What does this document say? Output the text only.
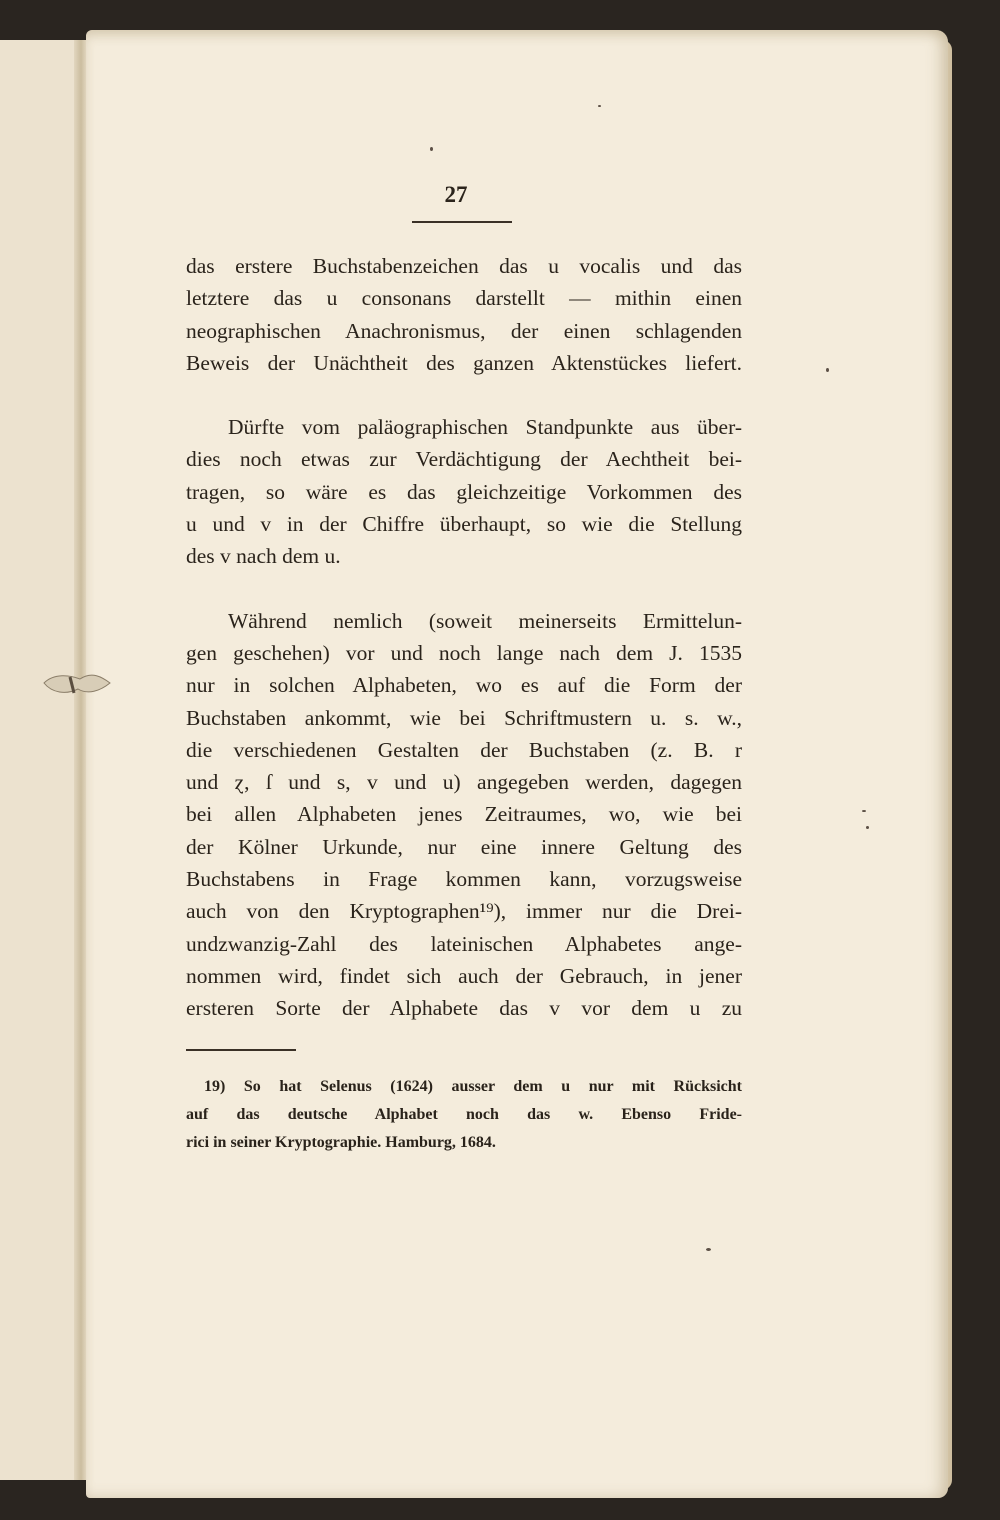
27
das erstere Buchstabenzeichen das u vocalis und das
letztere das u consonans darstellt — mithin einen
neographischen Anachronismus, der einen schlagenden
Beweis der Unächtheit des ganzen Aktenstückes liefert.
Dürfte vom paläographischen Standpunkte aus über-
dies noch etwas zur Verdächtigung der Aechtheit bei-
tragen, so wäre es das gleichzeitige Vorkommen des
u und v in der Chiffre überhaupt, so wie die Stellung
des v nach dem u.
Während nemlich (soweit meinerseits Ermittelun-
gen geschehen) vor und noch lange nach dem J. 1535
nur in solchen Alphabeten, wo es auf die Form der
Buchstaben ankommt, wie bei Schriftmustern u. s. w.,
die verschiedenen Gestalten der Buchstaben (z. B. r
und ɀ, ſ und s, v und u) angegeben werden, dagegen
bei allen Alphabeten jenes Zeitraumes, wo, wie bei
der Kölner Urkunde, nur eine innere Geltung des
Buchstabens in Frage kommen kann, vorzugsweise
auch von den Kryptographen¹⁹), immer nur die Drei-
undzwanzig-Zahl des lateinischen Alphabetes ange-
nommen wird, findet sich auch der Gebrauch, in jener
ersteren Sorte der Alphabete das v vor dem u zu
19) So hat Selenus (1624) ausser dem u nur mit Rücksicht
auf das deutsche Alphabet noch das w. Ebenso Fride-
rici in seiner Kryptographie. Hamburg, 1684.
